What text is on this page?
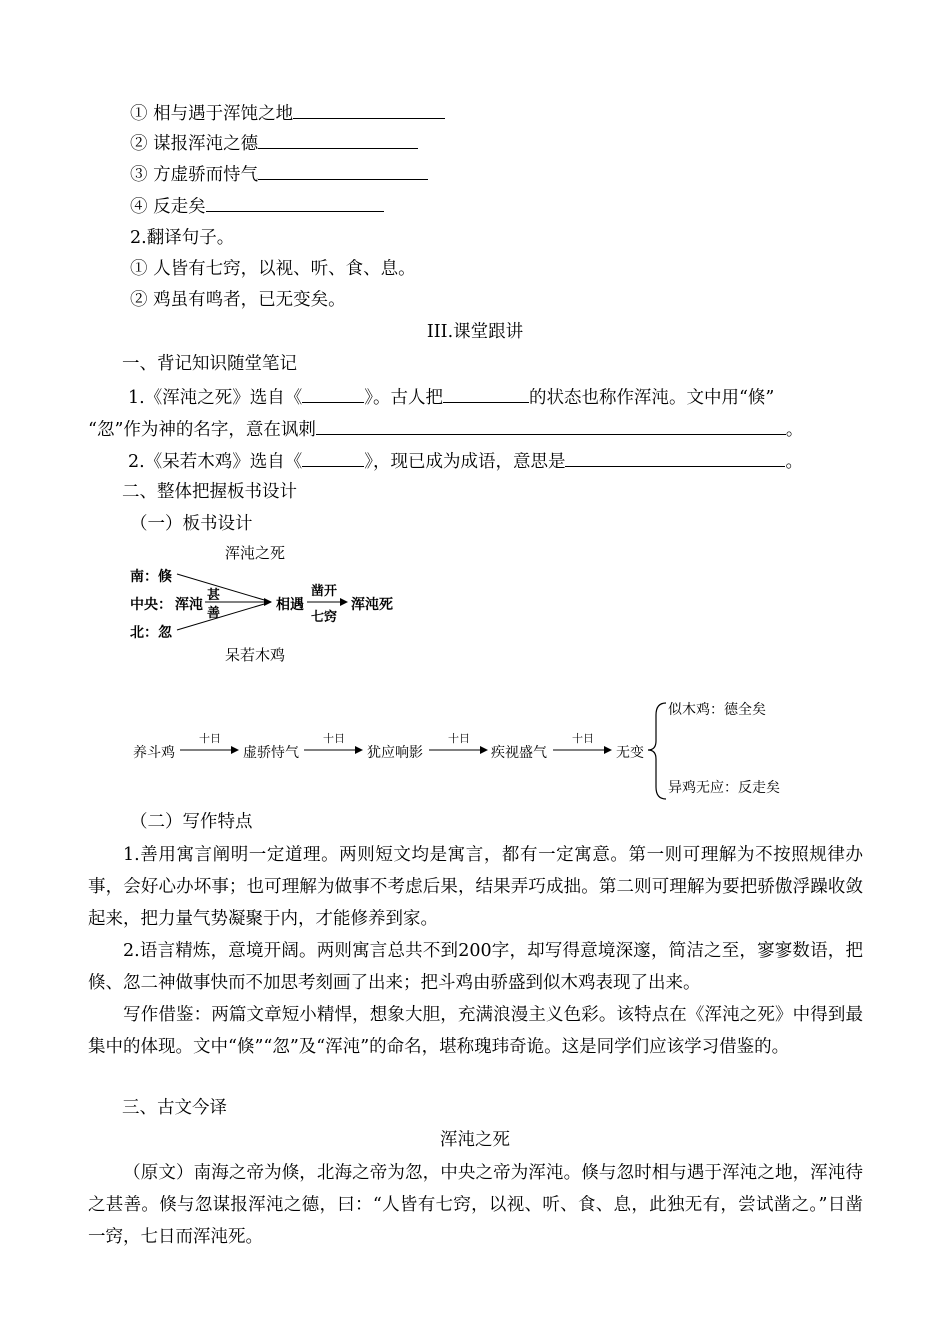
① 相与遇于浑饨之地
② 谋报浑沌之德
③ 方虚骄而恃气
④ 反走矣
2.翻译句子。
① 人皆有七窍，以视、听、食、息。
② 鸡虽有鸣者，已无变矣。
III.课堂跟讲
一、背记知识随堂笔记
1.《浑沌之死》选自《	》。古人把	的状态也称作浑沌。文中用“倏”
“忽”作为神的名字，意在讽刺	。
2.《呆若木鸡》选自《	》，现已成为成语，意思是	。
二、整体把握板书设计
（一）板书设计
浑沌之死
南：倏
中央： 浑沌
甚
善
北：忽
相遇
凿开
七窍
浑沌死
呆若木鸡
养斗鸡	虚骄恃气	犹应响影	疾视盛气	无变
十日	十日	十日	十日
似木鸡：德全矣
异鸡无应：反走矣
（二）写作特点
1.善用寓言阐明一定道理。两则短文均是寓言，都有一定寓意。第一则可理解为不按照规律办事，会好心办坏事；也可理解为做事不考虑后果，结果弄巧成拙。第二则可理解为要把骄傲浮躁收敛起来，把力量气势凝聚于内，才能修养到家。
2.语言精炼，意境开阔。两则寓言总共不到200字，却写得意境深邃，简洁之至，寥寥数语，把倏、忽二神做事快而不加思考刻画了出来；把斗鸡由骄盛到似木鸡表现了出来。
写作借鉴：两篇文章短小精悍，想象大胆，充满浪漫主义色彩。该特点在《浑沌之死》中得到最集中的体现。文中“倏”“忽”及“浑沌”的命名，堪称瑰玮奇诡。这是同学们应该学习借鉴的。
三、古文今译
浑沌之死
（原文）南海之帝为倏，北海之帝为忽，中央之帝为浑沌。倏与忽时相与遇于浑沌之地，浑沌待之甚善。倏与忽谋报浑沌之德，曰：“人皆有七窍，以视、听、食、息，此独无有，尝试凿之。”日凿一窍，七日而浑沌死。
